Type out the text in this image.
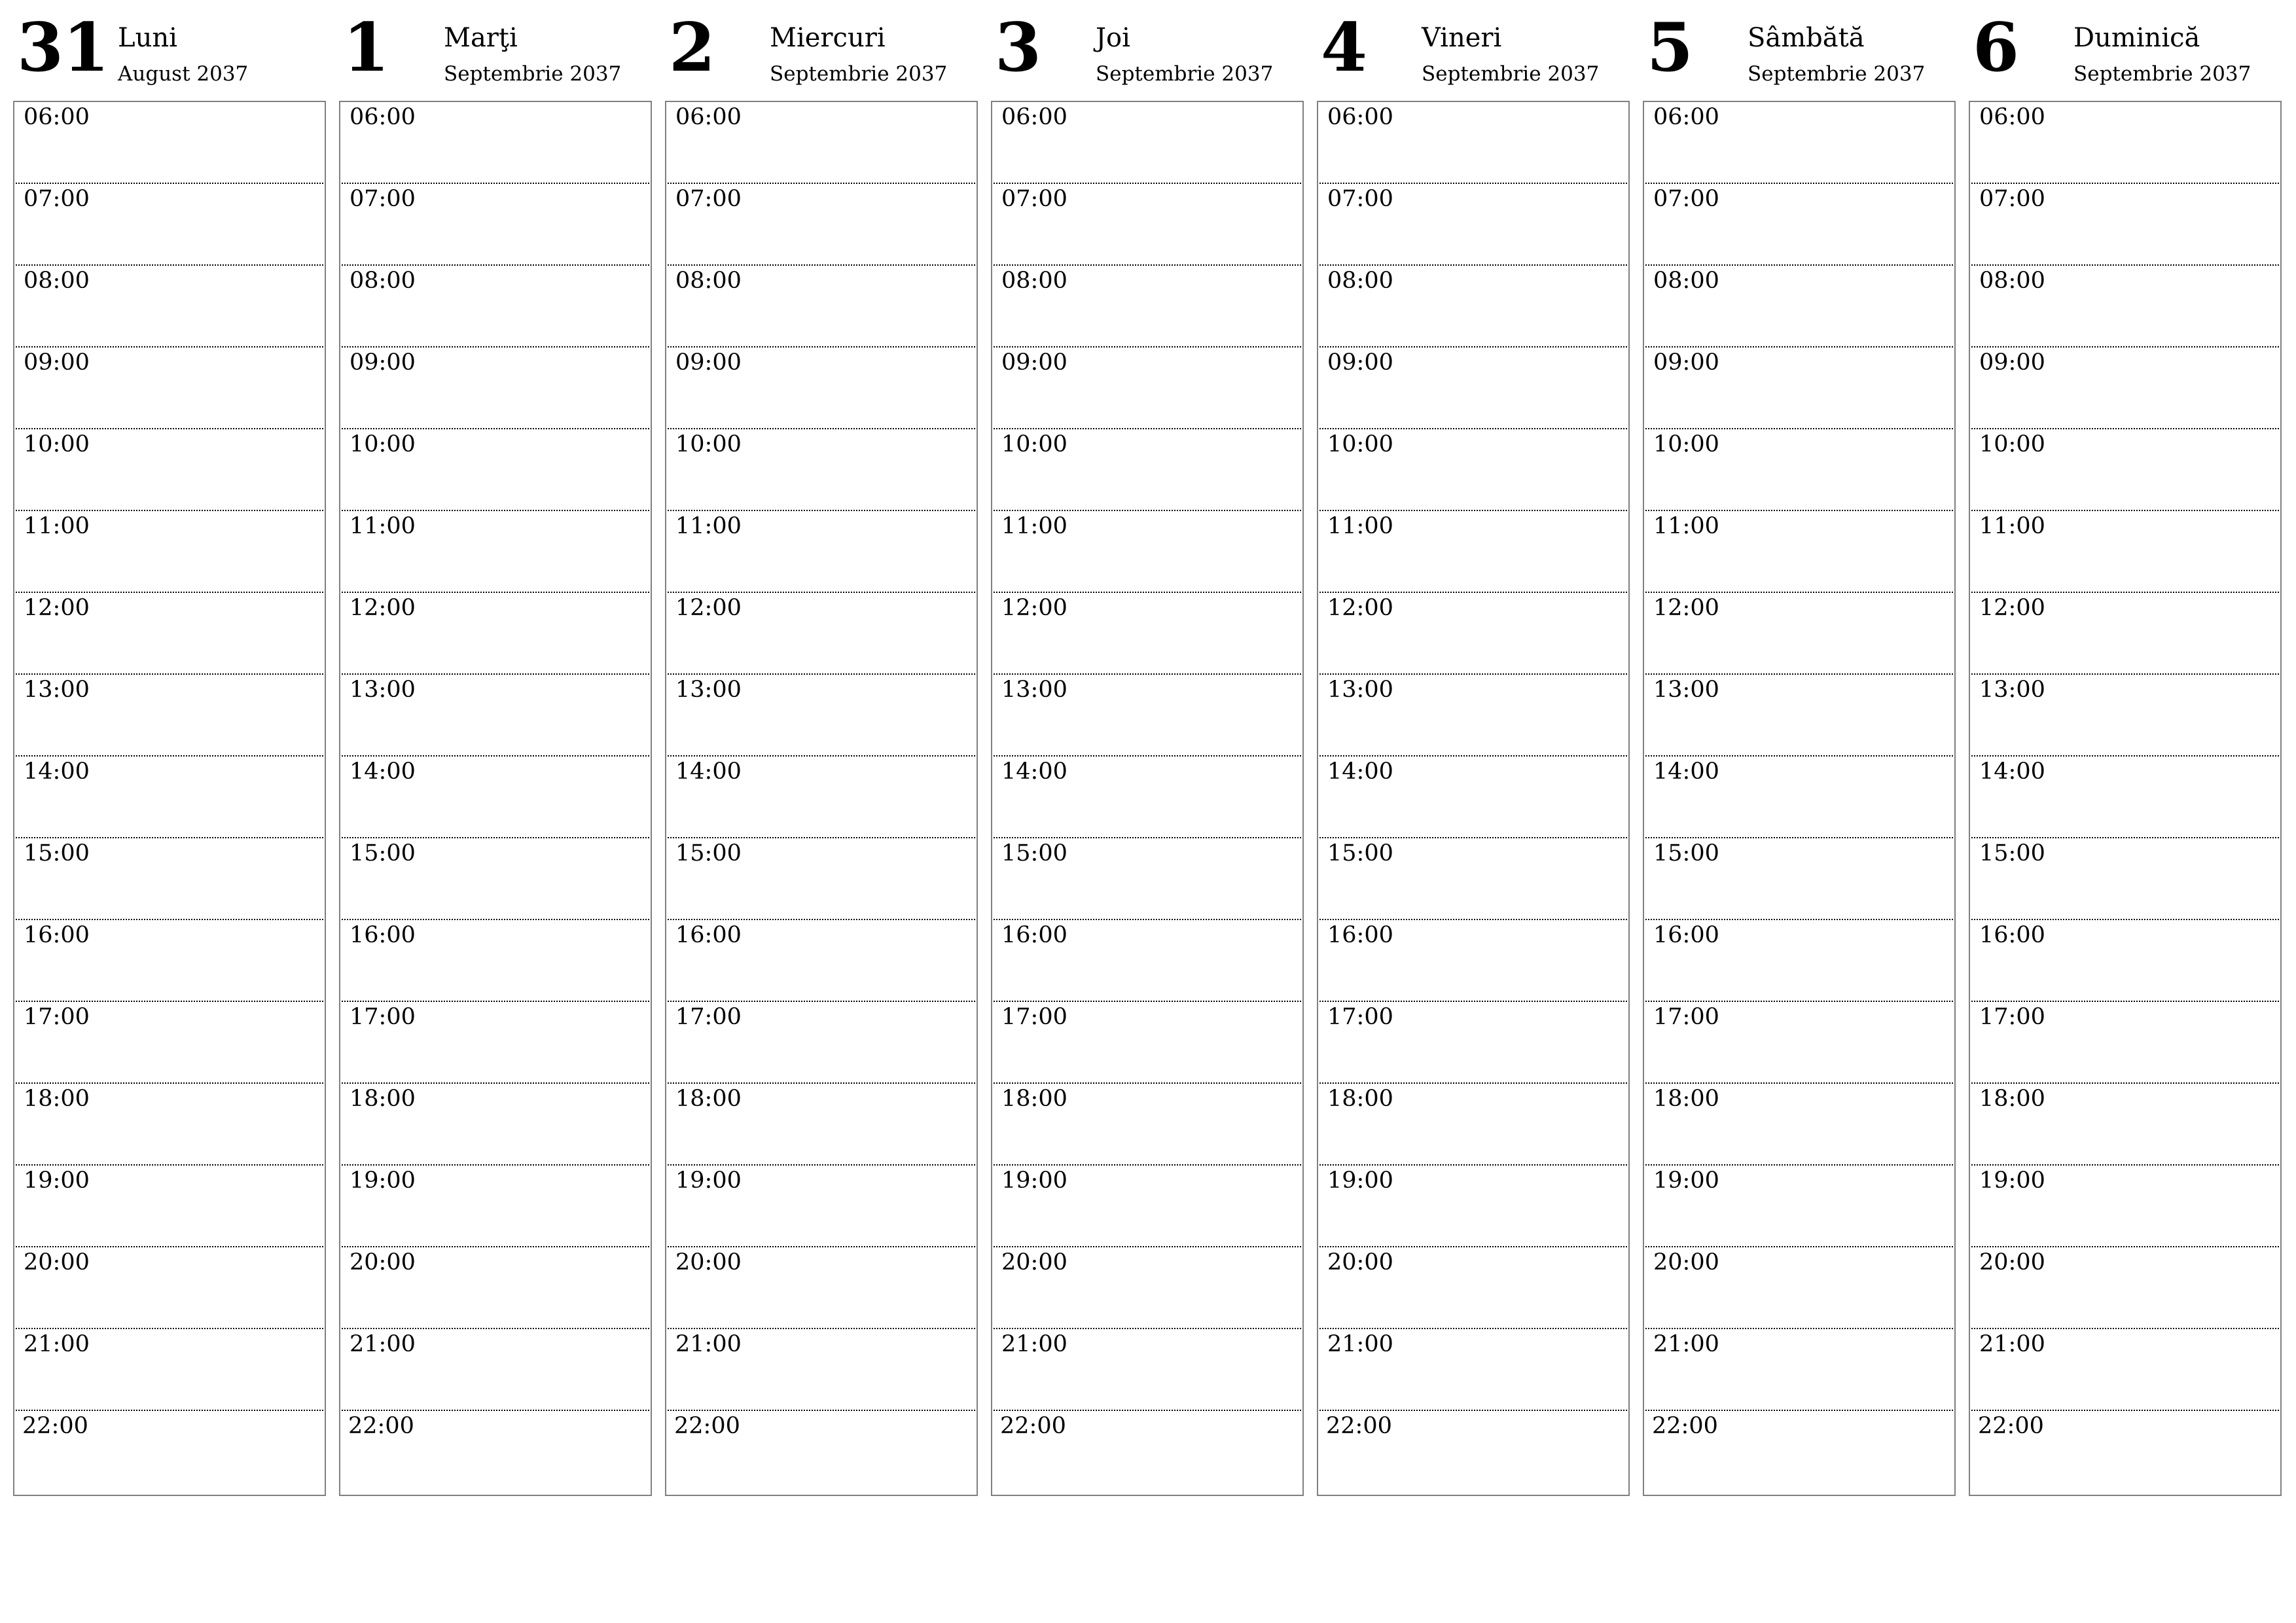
31 Luni
August 2037
06:00
07:00
08:00
09:00
10:00
11:00
12:00
13:00
14:00
15:00
16:00
17:00
18:00
19:00
20:00
21:00
22:00
1 Marţi
Septembrie 2037
06:00
07:00
08:00
09:00
10:00
11:00
12:00
13:00
14:00
15:00
16:00
17:00
18:00
19:00
20:00
21:00
22:00
2 Miercuri
Septembrie 2037
06:00
07:00
08:00
09:00
10:00
11:00
12:00
13:00
14:00
15:00
16:00
17:00
18:00
19:00
20:00
21:00
22:00
3 Joi
Septembrie 2037
06:00
07:00
08:00
09:00
10:00
11:00
12:00
13:00
14:00
15:00
16:00
17:00
18:00
19:00
20:00
21:00
22:00
4 Vineri
Septembrie 2037
06:00
07:00
08:00
09:00
10:00
11:00
12:00
13:00
14:00
15:00
16:00
17:00
18:00
19:00
20:00
21:00
22:00
5 Sâmbătă
Septembrie 2037
06:00
07:00
08:00
09:00
10:00
11:00
12:00
13:00
14:00
15:00
16:00
17:00
18:00
19:00
20:00
21:00
22:00
6 Duminică
Septembrie 2037
06:00
07:00
08:00
09:00
10:00
11:00
12:00
13:00
14:00
15:00
16:00
17:00
18:00
19:00
20:00
21:00
22:00
